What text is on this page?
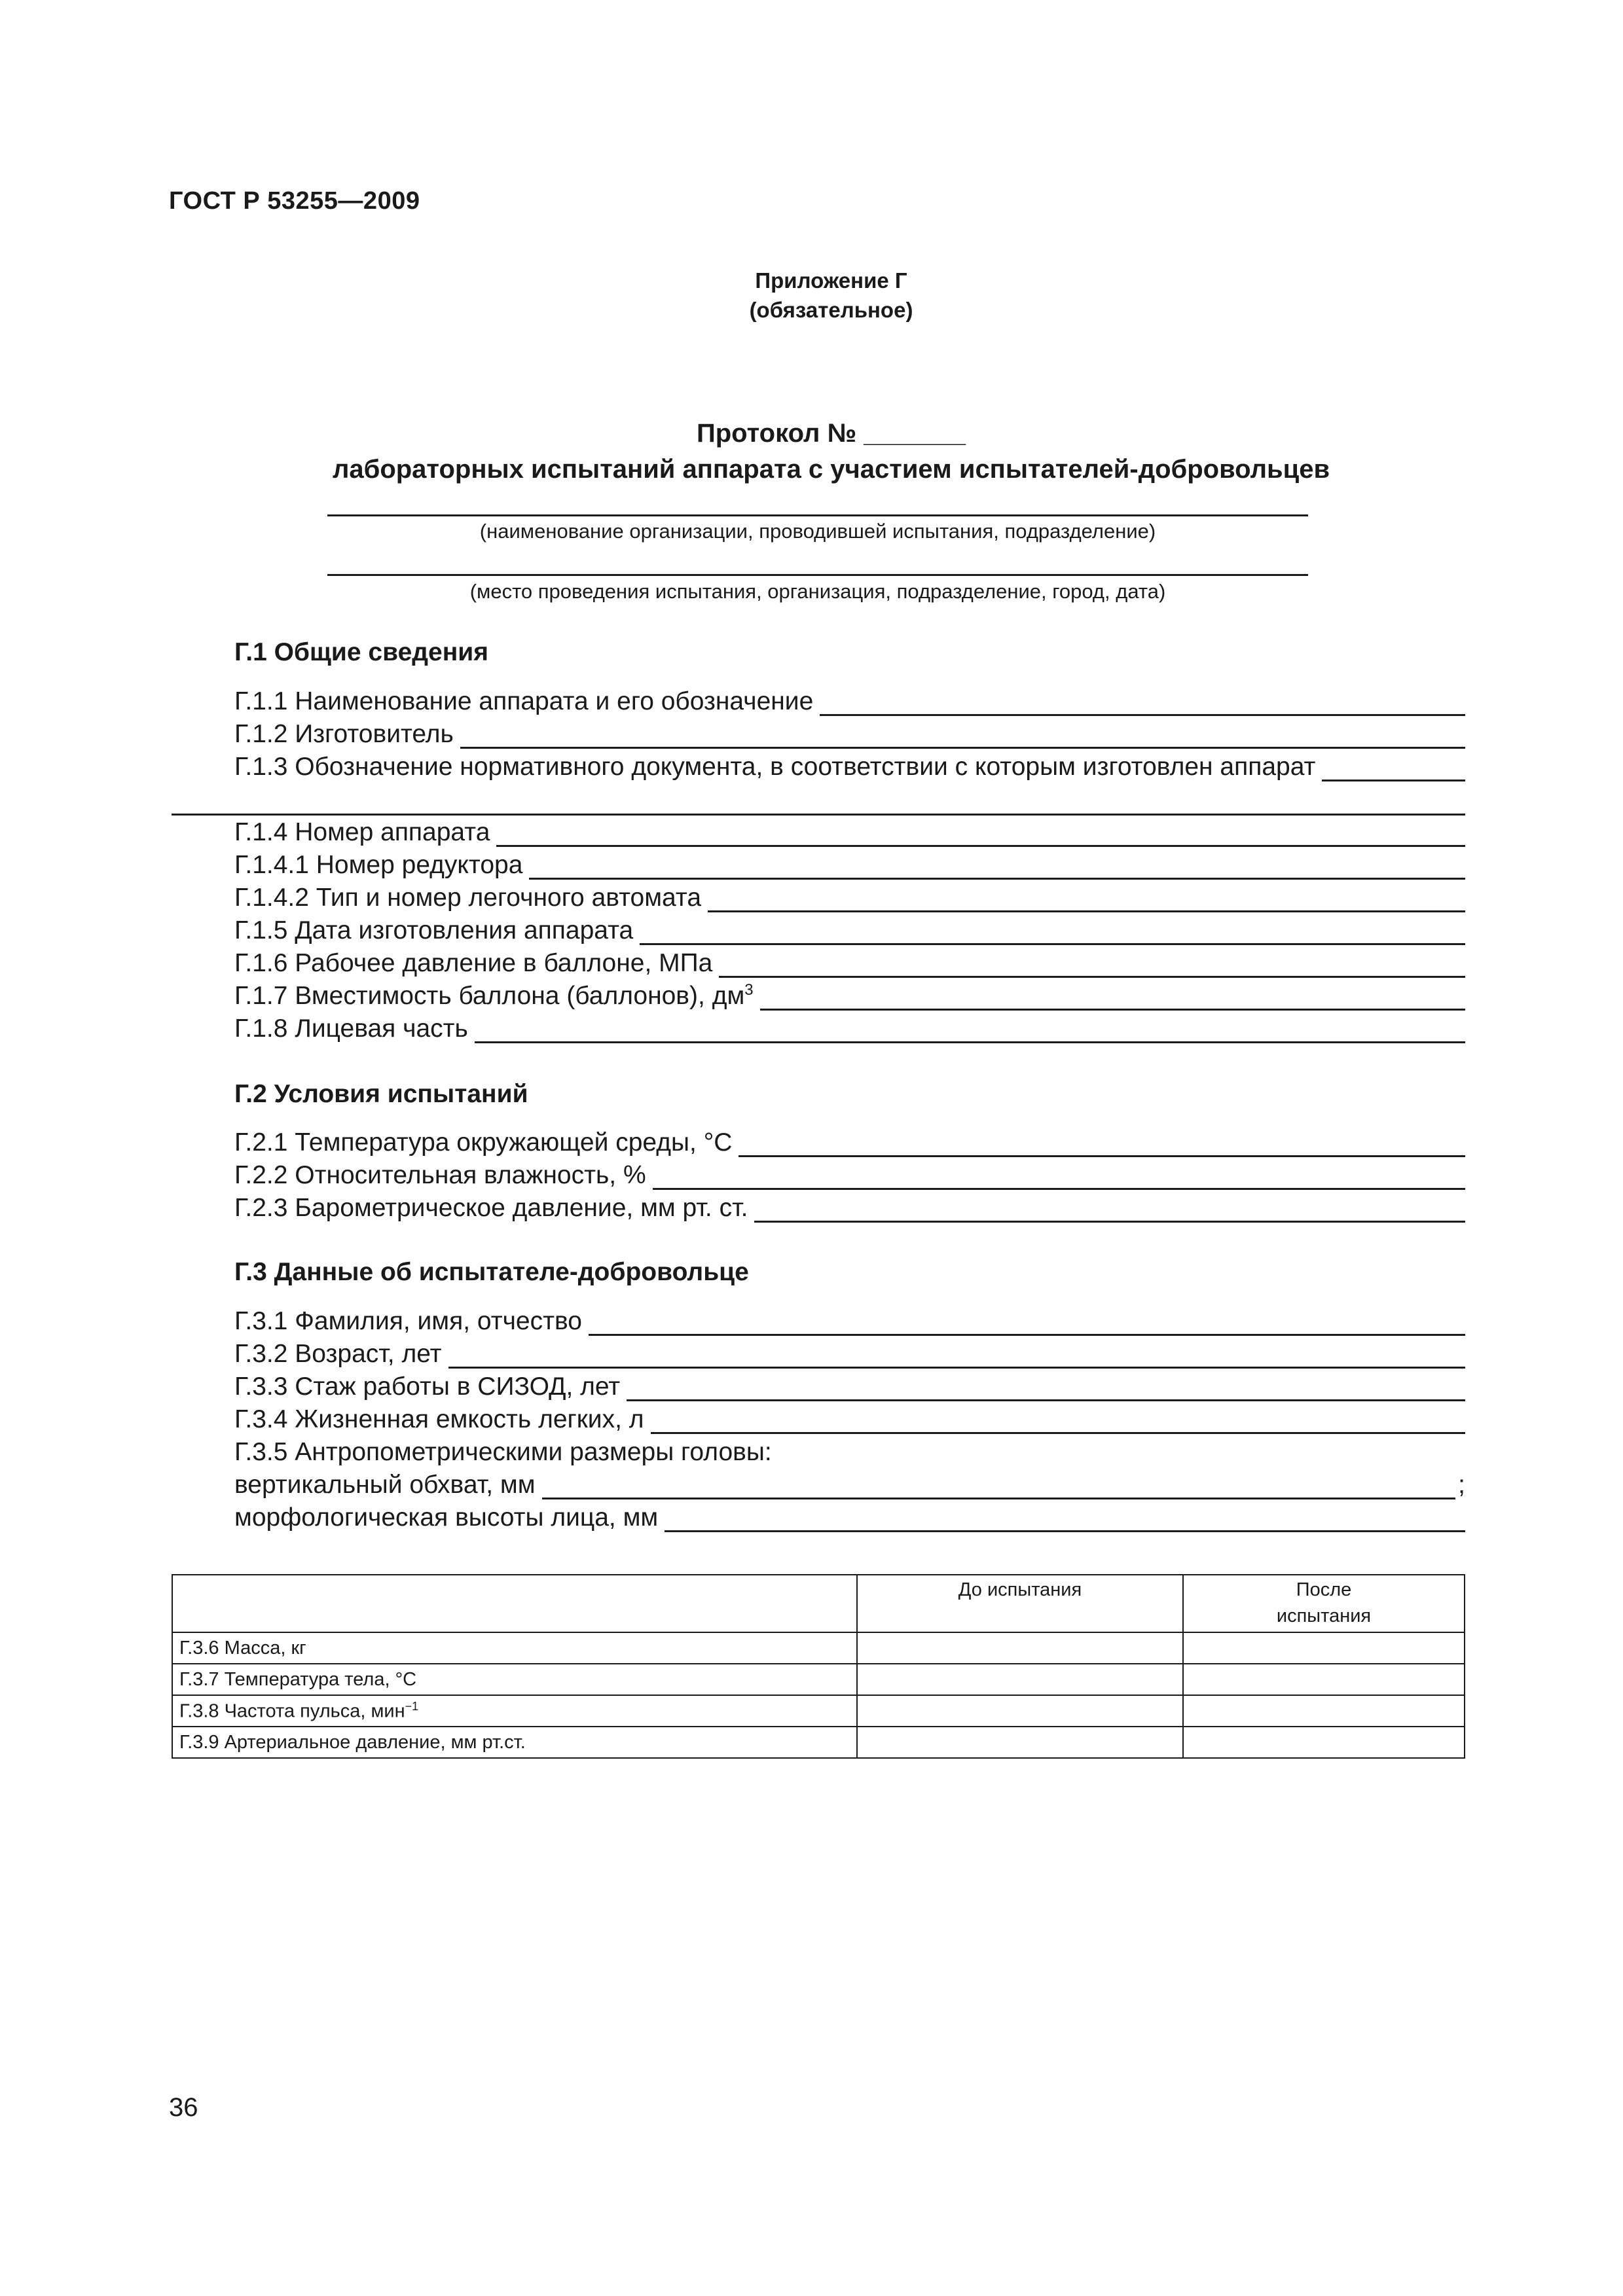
ГОСТ Р 53255—2009
Приложение Г
(обязательное)
Протокол № _______
лабораторных испытаний аппарата с участием испытателей-добровольцев
(наименование организации, проводившей испытания, подразделение)
(место проведения испытания, организация, подразделение, город, дата)
Г.1 Общие сведения
Г.1.1 Наименование аппарата и его обозначение
Г.1.2 Изготовитель
Г.1.3 Обозначение нормативного документа, в соответствии с которым изготовлен аппарат
Г.1.4 Номер аппарата
Г.1.4.1 Номер редуктора
Г.1.4.2 Тип и номер легочного автомата
Г.1.5 Дата изготовления аппарата
Г.1.6 Рабочее давление в баллоне, МПа
Г.1.7 Вместимость баллона (баллонов), $дм^3$
Г.1.8 Лицевая часть
Г.2 Условия испытаний
Г.2.1 Температура окружающей среды, °С
Г.2.2 Относительная влажность, %
Г.2.3 Барометрическое давление, мм рт. ст.
Г.3 Данные об испытателе-добровольце
Г.3.1 Фамилия, имя, отчество
Г.3.2 Возраст, лет
Г.3.3 Стаж работы в СИЗОД, лет
Г.3.4 Жизненная емкость легких, л
Г.3.5 Антропометрическими размеры головы:
вертикальный обхват, мм	;
морфологическая высоты лица, мм
	До испытания	После испытания
Г.3.6 Масса, кг		
Г.3.7 Температура тела, °С		
Г.3.8 Частота пульса, мин$^{-1}$		
Г.3.9 Артериальное давление, мм рт.ст.		
36
